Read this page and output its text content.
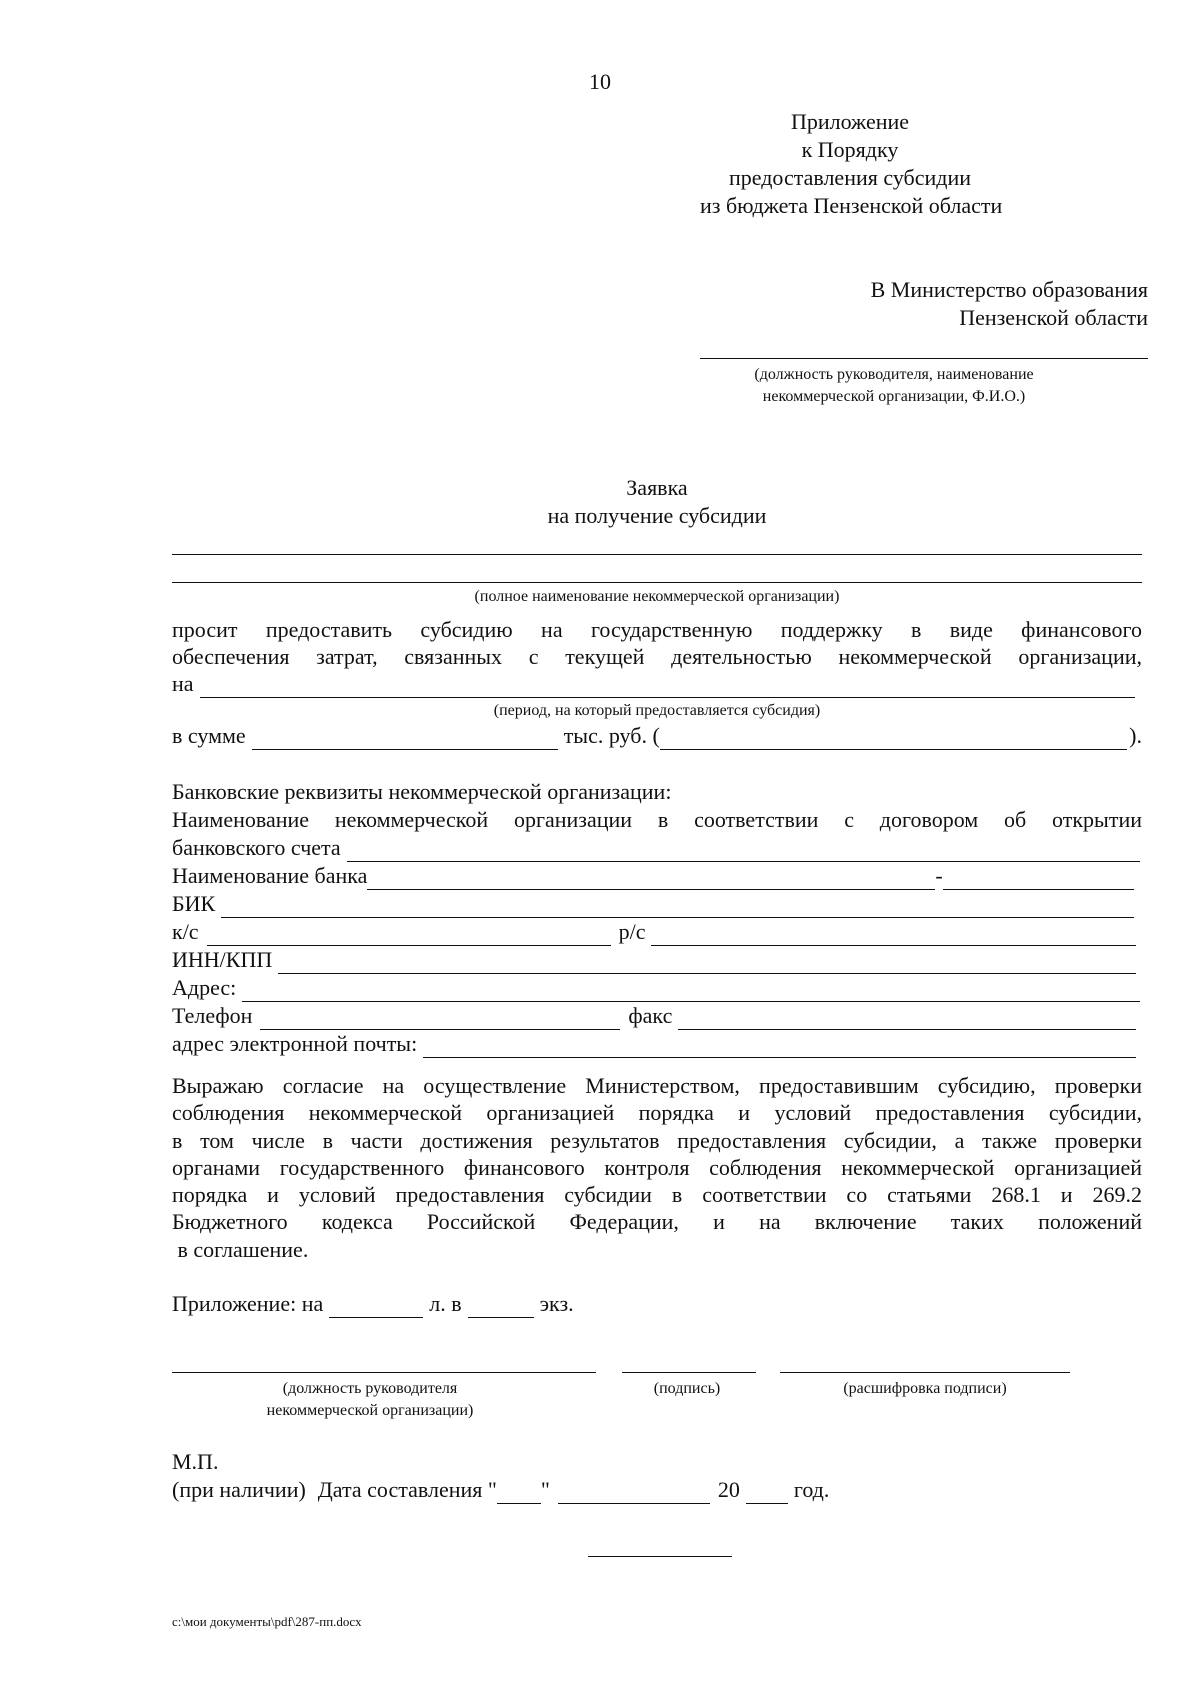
10
Приложение
к Порядку
предоставления субсидии
из бюджета Пензенской области
В Министерство образования
Пензенской области
(должность руководителя, наименование
некоммерческой организации, Ф.И.О.)
Заявка
на получение субсидии
(полное наименование некоммерческой организации)
просит предоставить субсидию на государственную поддержку в виде финансового
обеспечения затрат, связанных с текущей деятельностью некоммерческой организации,
на
(период, на который предоставляется субсидия)
в сумме	тыс. руб. (	).
Банковские реквизиты некоммерческой организации:
Наименование некоммерческой организации в соответствии с договором об открытии
банковского счета
Наименование банка	-
БИК
к/с	р/с
ИНН/КПП
Адрес:
Телефон	факс
адрес электронной почты:
Выражаю согласие на осуществление Министерством, предоставившим субсидию, проверки
соблюдения некоммерческой организацией порядка и условий предоставления субсидии,
в том числе в части достижения результатов предоставления субсидии, а также проверки
органами государственного финансового контроля соблюдения некоммерческой организацией
порядка и условий предоставления субсидии в соответствии со статьями 268.1 и 269.2
Бюджетного кодекса Российской Федерации, и на включение таких положений
в соглашение.
Приложение: на	л. в	экз.
(должность руководителя
некоммерческой организации)
(подпись)	(расшифровка подписи)
М.П.
(при наличии) Дата составления " "	20 год.
c:\мои документы\pdf\287-пп.docx
